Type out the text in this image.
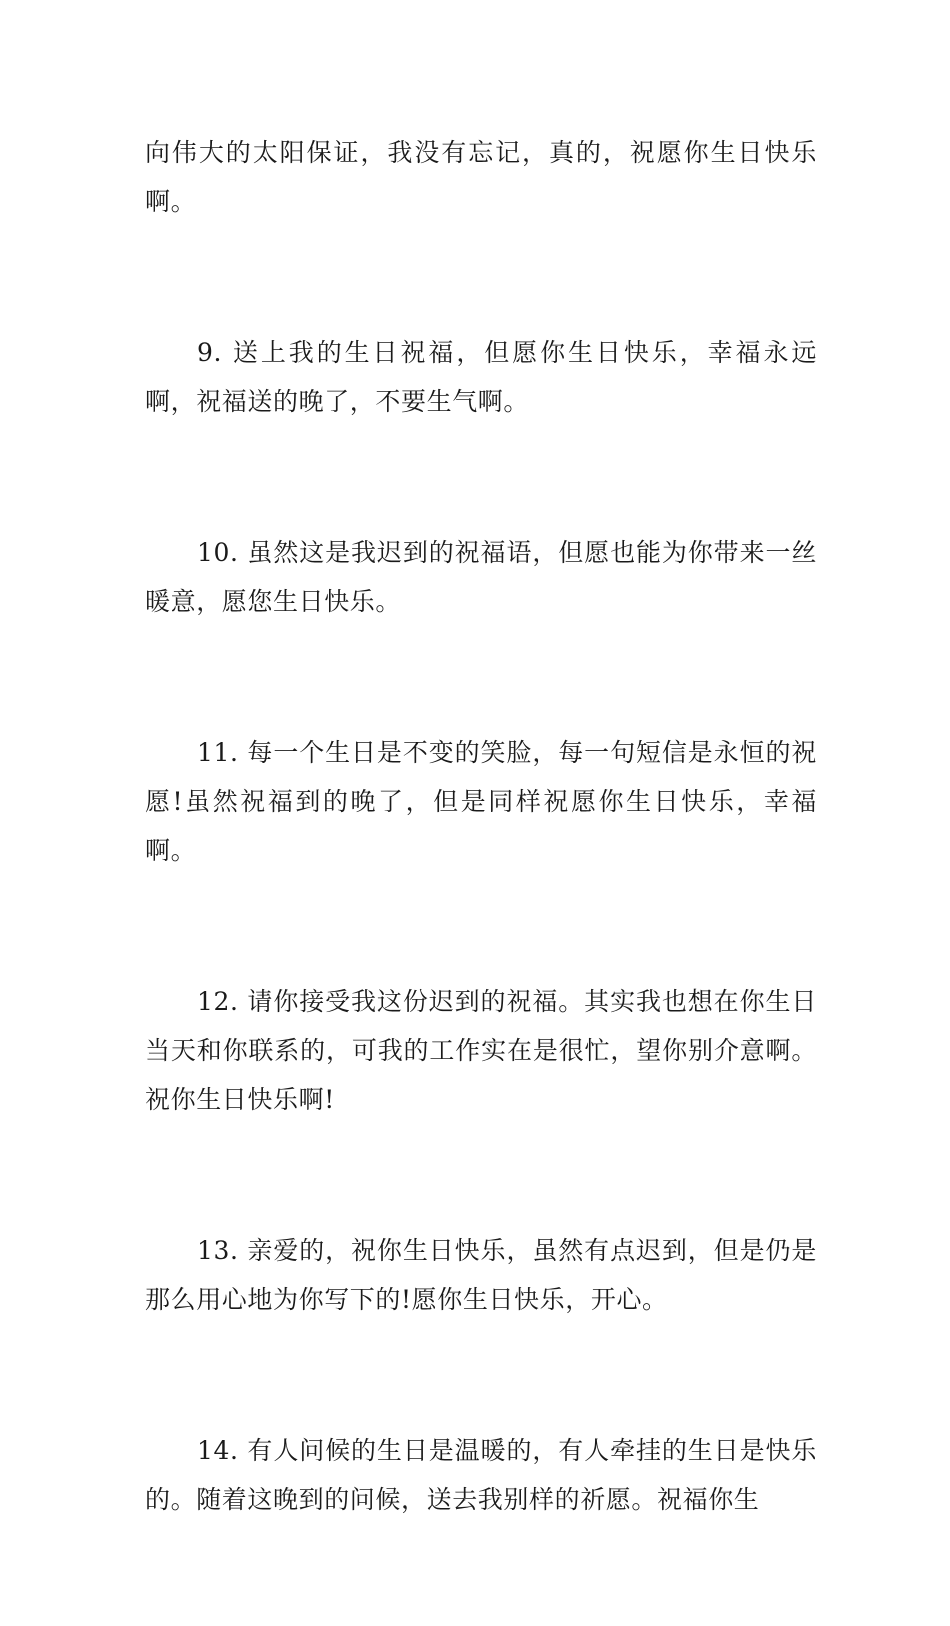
向伟大的太阳保证，我没有忘记，真的，祝愿你生日快乐啊。

9. 送上我的生日祝福，但愿你生日快乐，幸福永远啊，祝福送的晚了，不要生气啊。

10. 虽然这是我迟到的祝福语，但愿也能为你带来一丝暖意，愿您生日快乐。

11. 每一个生日是不变的笑脸，每一句短信是永恒的祝愿!虽然祝福到的晚了，但是同样祝愿你生日快乐，幸福啊。

12. 请你接受我这份迟到的祝福。其实我也想在你生日当天和你联系的，可我的工作实在是很忙，望你别介意啊。祝你生日快乐啊!

13. 亲爱的，祝你生日快乐，虽然有点迟到，但是仍是那么用心地为你写下的!愿你生日快乐，开心。

14. 有人问候的生日是温暖的，有人牵挂的生日是快乐的。随着这晚到的问候，送去我别样的祈愿。祝福你生
